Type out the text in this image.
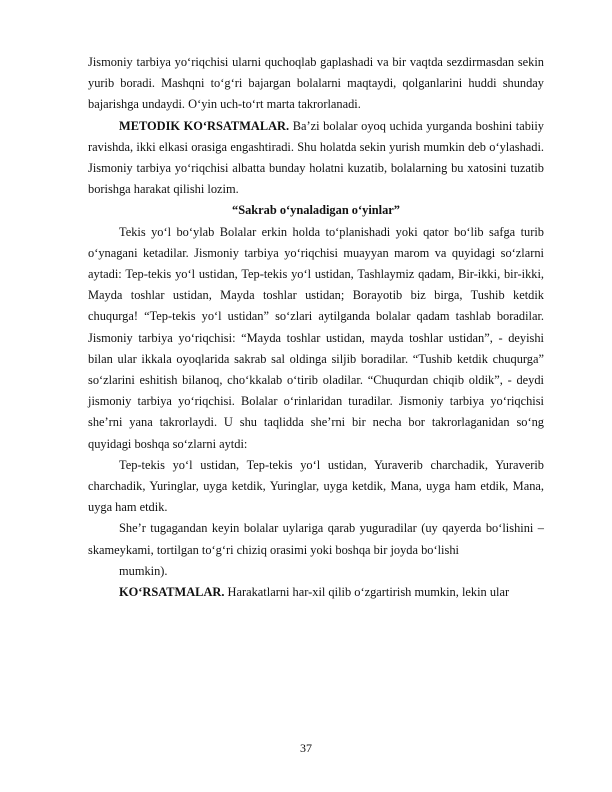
Jismoniy tarbiya yo‘riqchisi ularni quchoqlab gaplashadi va bir vaqtda sezdirmasdan sekin yurib boradi. Mashqni to‘g‘ri bajargan bolalarni maqtaydi, qolganlarini huddi shunday bajarishga undaydi. O‘yin uch-to‘rt marta takrorlanadi.

METODIK KO‘RSATMALAR. Ba’zi bolalar oyoq uchida yurganda boshini tabiiy ravishda, ikki elkasi orasiga engashtiradi. Shu holatda sekin yurish mumkin deb o‘ylashadi. Jismoniy tarbiya yo‘riqchisi albatta bunday holatni kuzatib, bolalarning bu xatosini tuzatib borishga harakat qilishi lozim.

“Sakrab o‘ynaladigan o‘yinlar”

Tekis yo‘l bo‘ylab Bolalar erkin holda to‘planishadi yoki qator bo‘lib safga turib o‘ynagani ketadilar. Jismoniy tarbiya yo‘riqchisi muayyan marom va quyidagi so‘zlarni aytadi: Tep-tekis yo‘l ustidan, Tep-tekis yo‘l ustidan, Tashlaymiz qadam, Bir-ikki, bir-ikki, Mayda toshlar ustidan, Mayda toshlar ustidan; Borayotib biz birga, Tushib ketdik chuqurga! “Tep-tekis yo‘l ustidan” so‘zlari aytilganda bolalar qadam tashlab boradilar. Jismoniy tarbiya yo‘riqchisi: “Mayda toshlar ustidan, mayda toshlar ustidan”, - deyishi bilan ular ikkala oyoqlarida sakrab sal oldinga siljib boradilar. “Tushib ketdik chuqurga” so‘zlarini eshitish bilanoq, cho‘kkalab o‘tirib oladilar. “Chuqurdan chiqib oldik”, - deydi jismoniy tarbiya yo‘riqchisi. Bolalar o‘rinlaridan turadilar. Jismoniy tarbiya yo‘riqchisi she’rni yana takrorlaydi. U shu taqlidda she’rni bir necha bor takrorlaganidan so‘ng quyidagi boshqa so‘zlarni aytdi:

Tep-tekis yo‘l ustidan, Tep-tekis yo‘l ustidan, Yuraverib charchadik, Yuraverib charchadik, Yuringlar, uyga ketdik, Yuringlar, uyga ketdik, Mana, uyga ham etdik, Mana, uyga ham etdik.

She’r tugagandan keyin bolalar uylariga qarab yuguradilar (uy qayerda bo‘lishini – skameykami, tortilgan to‘g‘ri chiziq orasimi yoki boshqa bir joyda bo‘lishi

mumkin).

KO‘RSATMALAR. Harakatlarni har-xil qilib o‘zgartirish mumkin, lekin ular

37
